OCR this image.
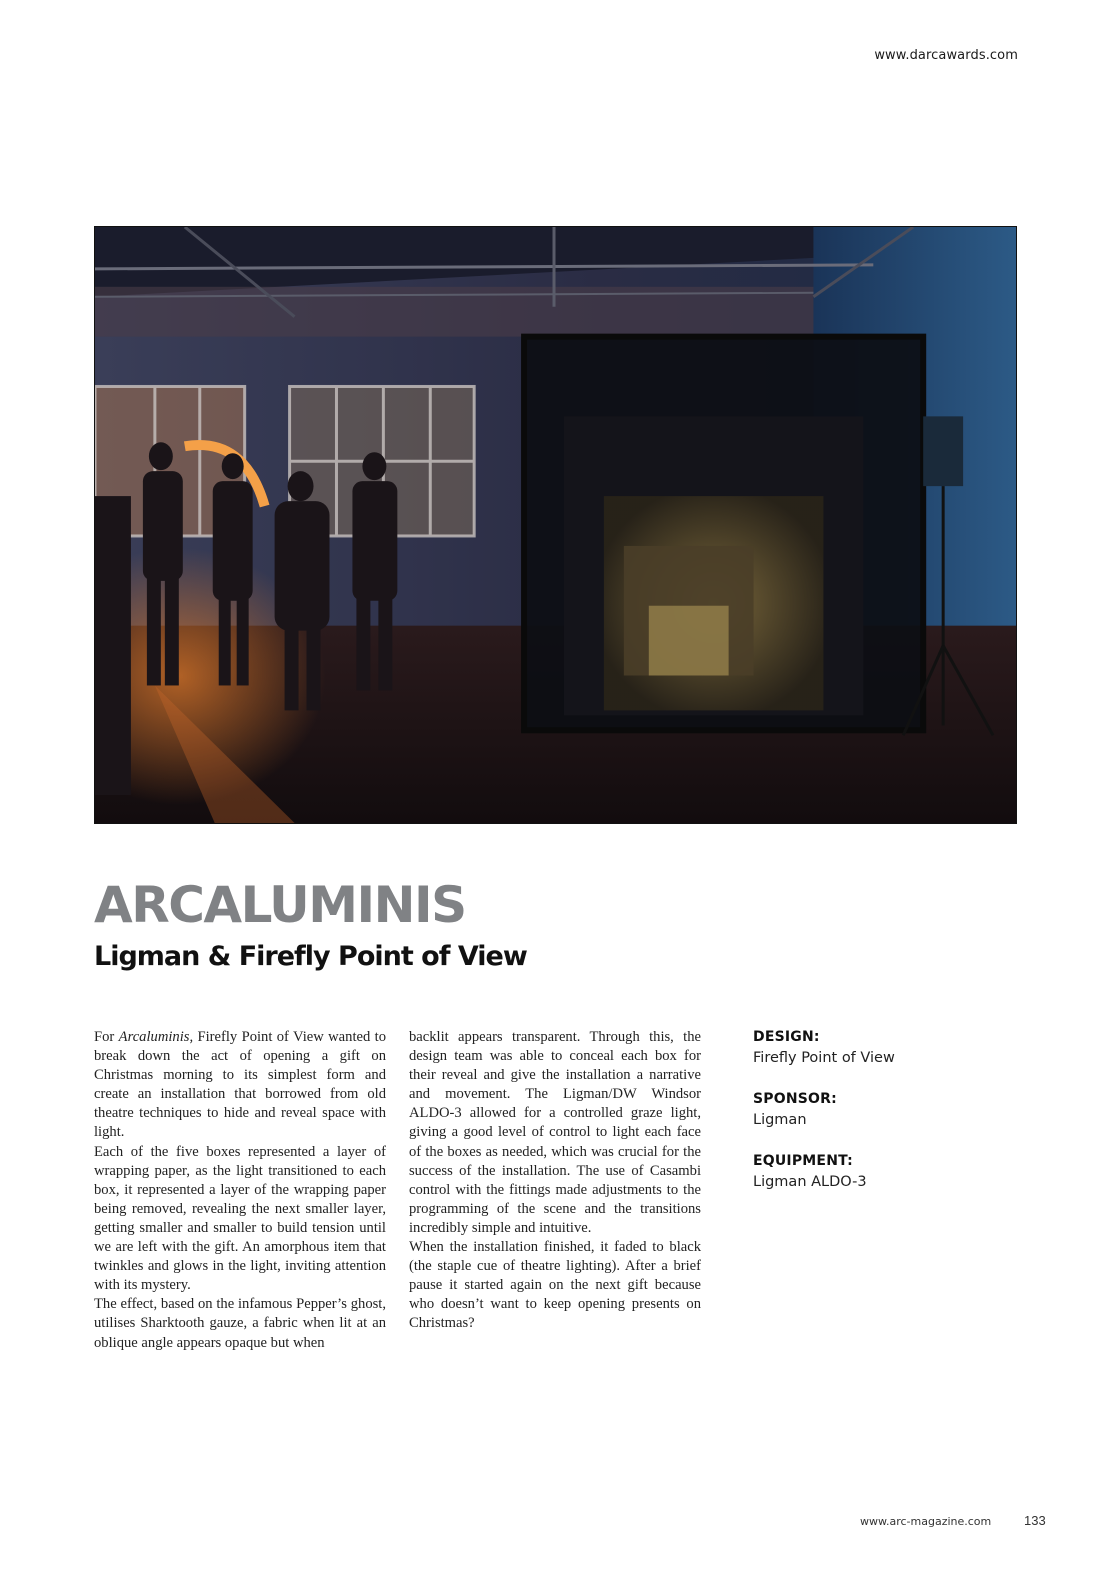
www.darcawards.com
ARCALUMINIS
Ligman & Firefly Point of View

For Arcaluminis, Firefly Point of View wanted to break down the act of opening a gift on Christmas morning to its simplest form and create an installation that borrowed from old theatre techniques to hide and reveal space with light.

Each of the five boxes represented a layer of wrapping paper, as the light transitioned to each box, it represented a layer of the wrapping paper being removed, revealing the next smaller layer, getting smaller and smaller to build tension until we are left with the gift. An amorphous item that twinkles and glows in the light, inviting attention with its mystery.

The effect, based on the infamous Pepper’s ghost, utilises Sharktooth gauze, a fabric when lit at an oblique angle appears opaque but when

backlit appears transparent. Through this, the design team was able to conceal each box for their reveal and give the installation a narrative and movement. The Ligman/DW Windsor ALDO-3 allowed for a controlled graze light, giving a good level of control to light each face of the boxes as needed, which was crucial for the success of the installation. The use of Casambi control with the fittings made adjustments to the programming of the scene and the transitions incredibly simple and intuitive.

When the installation finished, it faded to black (the staple cue of theatre lighting). After a brief pause it started again on the next gift because who doesn’t want to keep opening presents on Christmas?

DESIGN:
Firefly Point of View
SPONSOR:
Ligman
EQUIPMENT:
Ligman ALDO-3
www.arc-magazine.com	133
